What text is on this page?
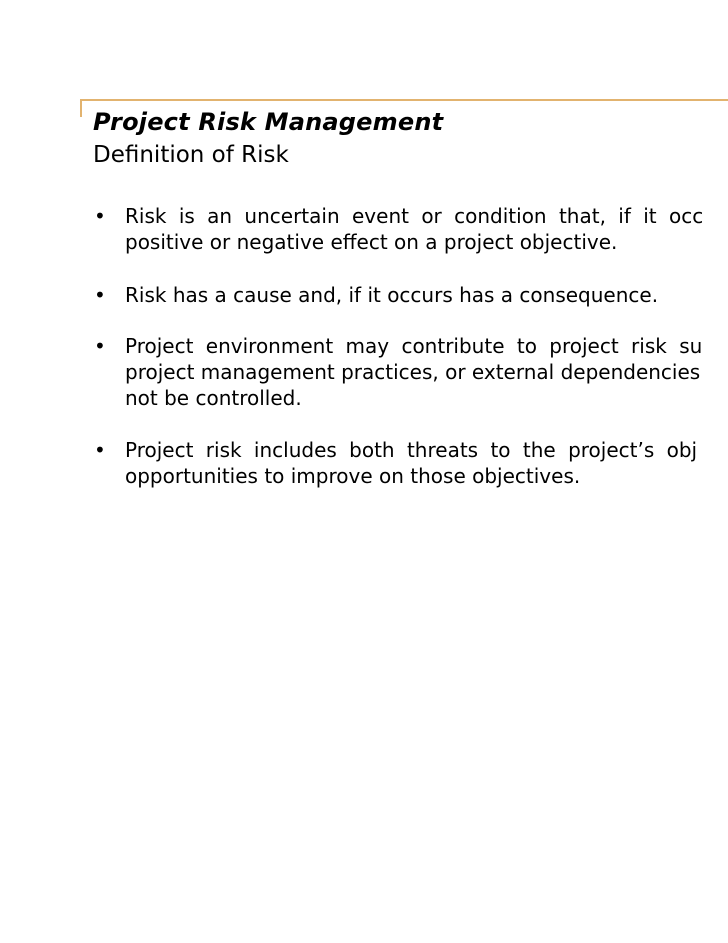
Project Risk Management
Definition of Risk
• Risk is an uncertain event or condition that, if it occ
positive or negative effect on a project objective.
• Risk has a cause and, if it occurs has a consequence.
• Project environment may contribute to project risk su
project management practices, or external dependencies
not be controlled.
• Project risk includes both threats to the project’s obj
opportunities to improve on those objectives.
